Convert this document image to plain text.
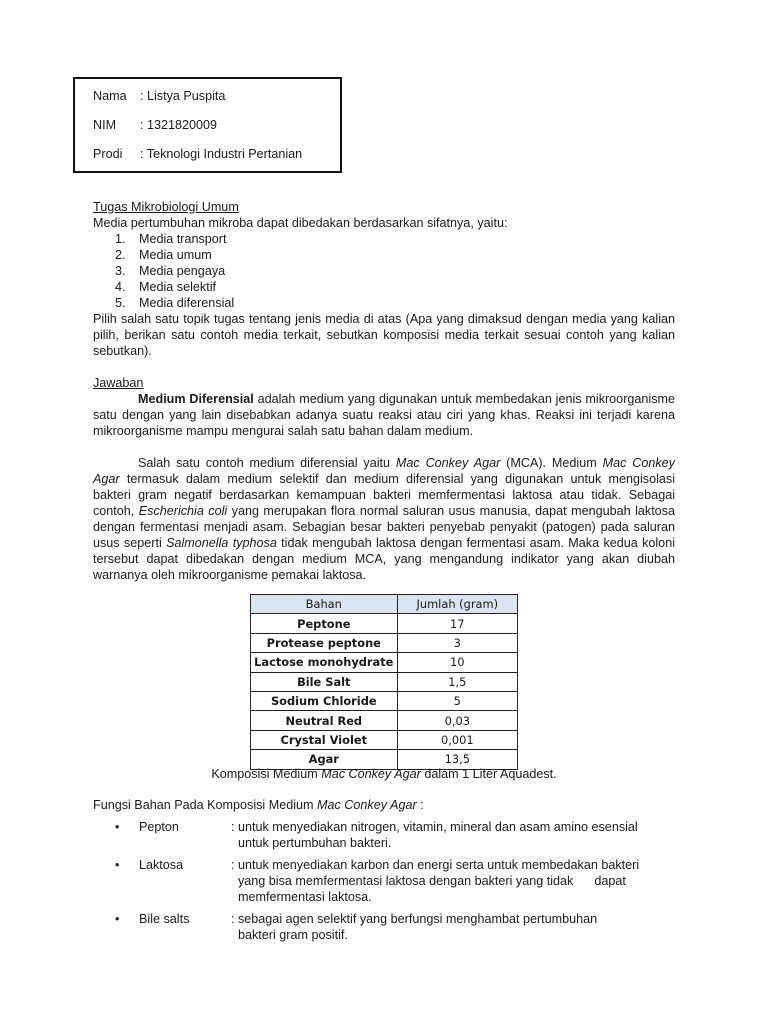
Nama : Listya Puspita
NIM : 1321820009
Prodi : Teknologi Industri Pertanian
Tugas Mikrobiologi Umum
Media pertumbuhan mikroba dapat dibedakan berdasarkan sifatnya, yaitu:
1. Media transport
2. Media umum
3. Media pengaya
4. Media selektif
5. Media diferensial
Pilih salah satu topik tugas tentang jenis media di atas (Apa yang dimaksud dengan media yang kalian pilih, berikan satu contoh media terkait, sebutkan komposisi media terkait sesuai contoh yang kalian sebutkan).
Jawaban
Medium Diferensial adalah medium yang digunakan untuk membedakan jenis mikroorganisme satu dengan yang lain disebabkan adanya suatu reaksi atau ciri yang khas. Reaksi ini terjadi karena mikroorganisme mampu mengurai salah satu bahan dalam medium.
Salah satu contoh medium diferensial yaitu Mac Conkey Agar (MCA). Medium Mac Conkey Agar termasuk dalam medium selektif dan medium diferensial yang digunakan untuk mengisolasi bakteri gram negatif berdasarkan kemampuan bakteri memfermentasi laktosa atau tidak. Sebagai contoh, Escherichia coli yang merupakan flora normal saluran usus manusia, dapat mengubah laktosa dengan fermentasi menjadi asam. Sebagian besar bakteri penyebab penyakit (patogen) pada saluran usus seperti Salmonella typhosa tidak mengubah laktosa dengan fermentasi asam. Maka kedua koloni tersebut dapat dibedakan dengan medium MCA, yang mengandung indikator yang akan diubah warnanya oleh mikroorganisme pemakai laktosa.
Bahan	Jumlah (gram)
Peptone	17
Protease peptone	3
Lactose monohydrate	10
Bile Salt	1,5
Sodium Chloride	5
Neutral Red	0,03
Crystal Violet	0,001
Agar	13,5
Komposisi Medium Mac Conkey Agar dalam 1 Liter Aquadest.
Fungsi Bahan Pada Komposisi Medium Mac Conkey Agar :
• Pepton	: untuk menyediakan nitrogen, vitamin, mineral dan asam amino esensial
untuk pertumbuhan bakteri.
• Laktosa	: untuk menyediakan karbon dan energi serta untuk membedakan bakteri
yang bisa memfermentasi laktosa dengan bakteri yang tidak      dapat
memfermentasi laktosa.
• Bile salts	: sebagai agen selektif yang berfungsi menghambat pertumbuhan
bakteri gram positif.
